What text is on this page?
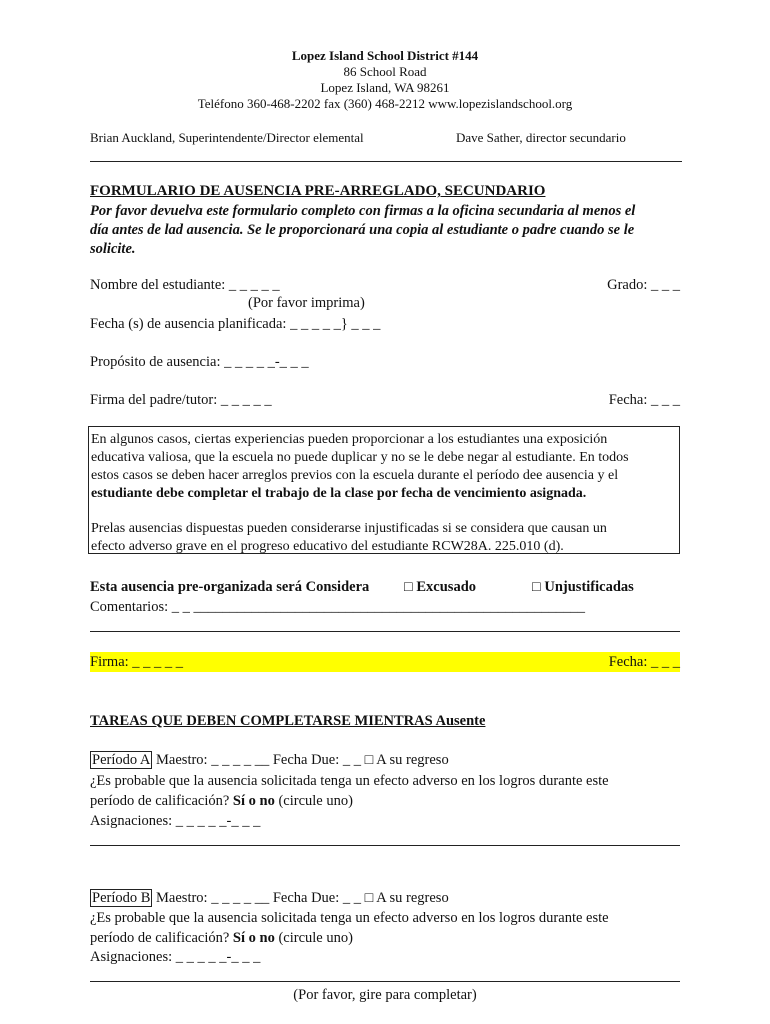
Lopez Island School District #144
86 School Road
Lopez Island, WA 98261
Teléfono 360-468-2202 fax (360) 468-2212 www.lopezislandschool.org
Brian Auckland, Superintendente/Director elemental	Dave Sather, director secundario
FORMULARIO DE AUSENCIA PRE-ARREGLADO, SECUNDARIO
Por favor devuelva este formulario completo con firmas a la oficina secundaria al menos el
día antes de lad ausencia. Se le proporcionará una copia al estudiante o padre cuando se le
solicite.
Nombre del estudiante: _ _ _ _ _	Grado: _ _ _
(Por favor imprima)
Fecha (s) de ausencia planificada: _ _ _ _ _} _ _ _
Propósito de ausencia: _ _ _ _ _-_ _ _
Firma del padre/tutor: _ _ _ _ _	Fecha: _ _ _
En algunos casos, ciertas experiencias pueden proporcionar a los estudiantes una exposición
educativa valiosa, que la escuela no puede duplicar y no se le debe negar al estudiante. En todos
estos casos se deben hacer arreglos previos con la escuela durante el período dee ausencia y el
estudiante debe completar el trabajo de la clase por fecha de vencimiento asignada.
Prelas ausencias dispuestas pueden considerarse injustificadas si se considera que causan un
efecto adverso grave en el progreso educativo del estudiante RCW28A. 225.010 (d).
Esta ausencia pre-organizada será Considera □ Excusado	□ Unjustificadas
Comentarios: _ _ ______________________________________________________
Firma: _ _ _ _ _	Fecha: _ _ _
TAREAS QUE DEBEN COMPLETARSE MIENTRAS Ausente
Período A Maestro: _ _ _ _ __ Fecha Due: _ _ □ A su regreso
¿Es probable que la ausencia solicitada tenga un efecto adverso en los logros durante este
período de calificación? Sí o no (circule uno)
Asignaciones: _ _ _ _ _-_ _ _
Período B Maestro: _ _ _ _ __ Fecha Due: _ _ □ A su regreso
¿Es probable que la ausencia solicitada tenga un efecto adverso en los logros durante este
período de calificación? Sí o no (circule uno)
Asignaciones: _ _ _ _ _-_ _ _
(Por favor, gire para completar)
